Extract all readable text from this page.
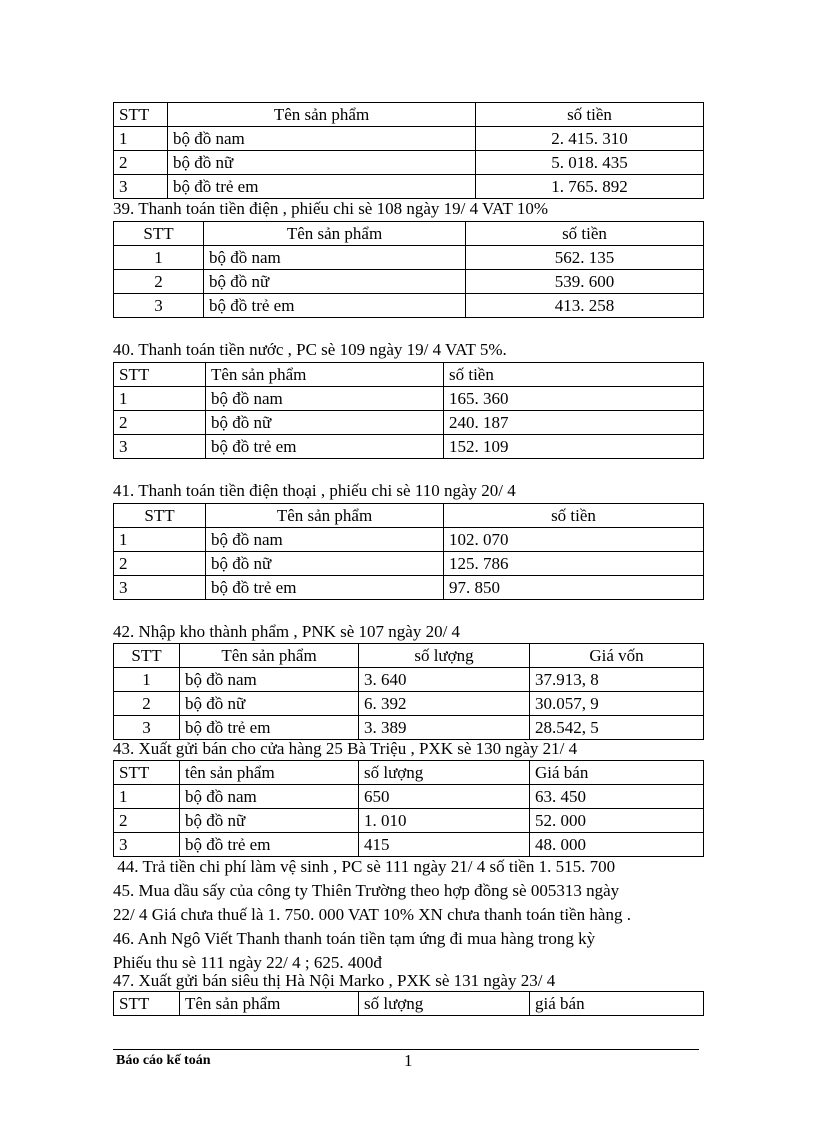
STT	Tên sản phẩm	số tiền
1	bộ đồ nam	2. 415. 310
2	bộ đồ nữ	5. 018. 435
3	bộ đồ trẻ em	1. 765. 892
39. Thanh toán tiền điện , phiếu chi sè 108 ngày 19/ 4 VAT 10%
STT	Tên sản phẩm	số tiền
1	bộ đồ nam	562. 135
2	bộ đồ nữ	539. 600
3	bộ đồ trẻ em	413. 258
40. Thanh toán tiền nước , PC sè 109 ngày 19/ 4 VAT 5%.
STT	Tên sản phẩm	số tiền
1	bộ đồ nam	165. 360
2	bộ đồ nữ	240. 187
3	bộ đồ trẻ em	152. 109
41. Thanh toán tiền điện thoại , phiếu chi sè 110 ngày 20/ 4
STT	Tên sản phẩm	số tiền
1	bộ đồ nam	102. 070
2	bộ đồ nữ	125. 786
3	bộ đồ trẻ em	97. 850
42. Nhập kho thành phẩm , PNK sè 107 ngày 20/ 4
STT	Tên sản phẩm	số lượng	Giá vốn
1	bộ đồ nam	3. 640	37.913, 8
2	bộ đồ nữ	6. 392	30.057, 9
3	bộ đồ trẻ em	3. 389	28.542, 5
43. Xuất gửi bán cho cửa hàng 25 Bà Triệu , PXK sè 130 ngày 21/ 4
STT	tên sản phẩm	số lượng	Giá bán
1	bộ đồ nam	650	63. 450
2	bộ đồ nữ	1. 010	52. 000
3	bộ đồ trẻ em	415	48. 000
44. Trả tiền chi phí làm vệ sinh , PC sè 111 ngày 21/ 4 số tiền 1. 515. 700
45. Mua dầu sấy của công ty Thiên Trường theo hợp đồng sè 005313 ngày
22/ 4 Giá chưa thuế là 1. 750. 000 VAT 10% XN chưa thanh toán tiền hàng .
46. Anh Ngô Viết Thanh thanh toán tiền tạm ứng đi mua hàng trong kỳ
Phiếu thu sè 111 ngày 22/ 4 ; 625. 400đ
47. Xuất gửi bán siêu thị Hà Nội Marko , PXK sè 131 ngày 23/ 4
STT	Tên sản phẩm	số lượng	giá bán
Báo cáo kế toán	1
